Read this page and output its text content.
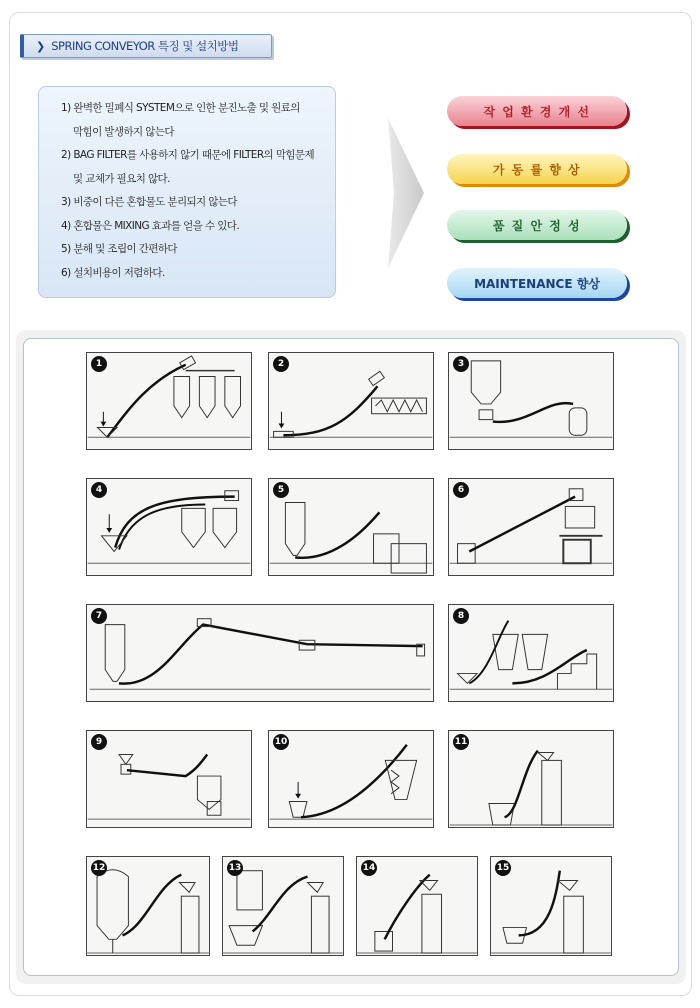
❯ SPRING CONVEYOR 특징 및 설치방법
1) 완벽한 밀폐식 SYSTEM으로 인한 분진노출 및 원료의
막힘이 발생하지 않는다
2) BAG FILTER를 사용하지 않기 때문에 FILTER의 막힘문제
및 교체가 필요치 않다.
3) 비중이 다른 혼합물도 분리되지 않는다
4) 혼합물은 MIXING 효과를 얻을 수 있다.
5) 분해 및 조립이 간편하다
6) 설치비용이 저렴하다.
작 업 환 경 개 선
가 동 률 향 상
품 질 안 정 성
MAINTENANCE 향상
1	2	3
4	5	6
7	8
9	10	11
12	13	14	15
